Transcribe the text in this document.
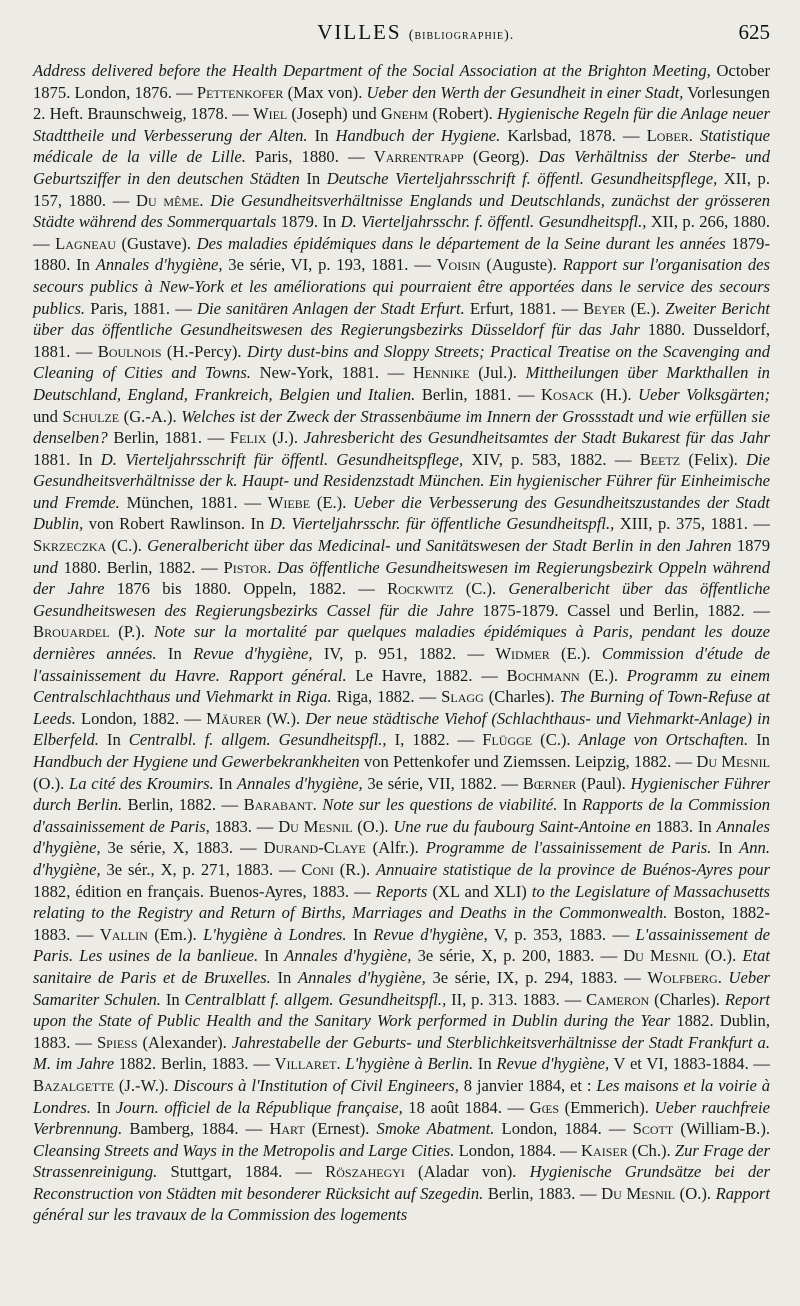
VILLES (bibliographie).	625

Address delivered before the Health Department of the Social Association at the Brighton Meeting, October 1875. London, 1876. — Pettenkofer (Max von). Ueber den Werth der Gesundheit in einer Stadt, Vorlesungen 2. Heft. Braunschweig, 1878. — Wiel (Joseph) und Gnehm (Robert). Hygienische Regeln für die Anlage neuer Stadttheile und Verbesserung der Alten. In Handbuch der Hygiene. Karlsbad, 1878. — Lober. Statistique médicale de la ville de Lille. Paris, 1880. — Varrentrapp (Georg). Das Verhältniss der Sterbe- und Geburtsziffer in den deutschen Städten In Deutsche Vierteljahrsschrift f. öffentl. Gesundheitspflege, XII, p. 157, 1880. — Du même. Die Gesundheitsverhältnisse Englands und Deutschlands, zunächst der grösseren Städte während des Sommerquartals 1879. In D. Vierteljahrsschr. f. öffentl. Gesundheitspfl., XII, p. 266, 1880. — Lagneau (Gustave). Des maladies épidémiques dans le département de la Seine durant les années 1879-1880. In Annales d'hygiène, 3e série, VI, p. 193, 1881. — Voisin (Auguste). Rapport sur l'organisation des secours publics à New-York et les améliorations qui pourraient être apportées dans le service des secours publics. Paris, 1881. — Die sanitären Anlagen der Stadt Erfurt. Erfurt, 1881. — Beyer (E.). Zweiter Bericht über das öffentliche Gesundheitswesen des Regierungsbezirks Düsseldorf für das Jahr 1880. Dusseldorf, 1881. — Boulnois (H.-Percy). Dirty dust-bins and Sloppy Streets; Practical Treatise on the Scavenging and Cleaning of Cities and Towns. New-York, 1881. — Hennike (Jul.). Mittheilungen über Markthallen in Deutschland, England, Frankreich, Belgien und Italien. Berlin, 1881. — Kosack (H.). Ueber Volksgärten; und Schulze (G.-A.). Welches ist der Zweck der Strassenbäume im Innern der Grossstadt und wie erfüllen sie denselben? Berlin, 1881. — Felix (J.). Jahresbericht des Gesundheitsamtes der Stadt Bukarest für das Jahr 1881. In D. Vierteljahrsschrift für öffentl. Gesundheitspflege, XIV, p. 583, 1882. — Beetz (Felix). Die Gesundheitsverhältnisse der k. Haupt- und Residenzstadt München. Ein hygienischer Führer für Einheimische und Fremde. München, 1881. — Wiebe (E.). Ueber die Verbesserung des Gesundheitszustandes der Stadt Dublin, von Robert Rawlinson. In D. Vierteljahrsschr. für öffentliche Gesundheitspfl., XIII, p. 375, 1881. — Skrzeczka (C.). Generalbericht über das Medicinal- und Sanitätswesen der Stadt Berlin in den Jahren 1879 und 1880. Berlin, 1882. — Pistor. Das öffentliche Gesundheitswesen im Regierungsbezirk Oppeln während der Jahre 1876 bis 1880. Oppeln, 1882. — Rockwitz (C.). Generalbericht über das öffentliche Gesundheitswesen des Regierungsbezirks Cassel für die Jahre 1875-1879. Cassel und Berlin, 1882. — Brouardel (P.). Note sur la mortalité par quelques maladies épidémiques à Paris, pendant les douze dernières années. In Revue d'hygiène, IV, p. 951, 1882. — Widmer (E.). Commission d'étude de l'assainissement du Havre. Rapport général. Le Havre, 1882. — Bochmann (E.). Programm zu einem Centralschlachthaus und Viehmarkt in Riga. Riga, 1882. — Slagg (Charles). The Burning of Town-Refuse at Leeds. London, 1882. — Mäurer (W.). Der neue städtische Viehof (Schlachthaus- und Viehmarkt-Anlage) in Elberfeld. In Centralbl. f. allgem. Gesundheitspfl., I, 1882. — Flügge (C.). Anlage von Ortschaften. In Handbuch der Hygiene und Gewerbekrankheiten von Pettenkofer und Ziemssen. Leipzig, 1882. — Du Mesnil (O.). La cité des Kroumirs. In Annales d'hygiène, 3e série, VII, 1882. — Bœrner (Paul). Hygienischer Führer durch Berlin. Berlin, 1882. — Barabant. Note sur les questions de viabilité. In Rapports de la Commission d'assainissement de Paris, 1883. — Du Mesnil (O.). Une rue du faubourg Saint-Antoine en 1883. In Annales d'hygiène, 3e série, X, 1883. — Durand-Claye (Alfr.). Programme de l'assainissement de Paris. In Ann. d'hygiène, 3e sér., X, p. 271, 1883. — Coni (R.). Annuaire statistique de la province de Buénos-Ayres pour 1882, édition en français. Buenos-Ayres, 1883. — Reports (XL and XLI) to the Legislature of Massachusetts relating to the Registry and Return of Births, Marriages and Deaths in the Commonwealth. Boston, 1882-1883. — Vallin (Em.). L'hygiène à Londres. In Revue d'hygiène, V, p. 353, 1883. — L'assainissement de Paris. Les usines de la banlieue. In Annales d'hygiène, 3e série, X, p. 200, 1883. — Du Mesnil (O.). Etat sanitaire de Paris et de Bruxelles. In Annales d'hygiène, 3e série, IX, p. 294, 1883. — Wolfberg. Ueber Samariter Schulen. In Centralblatt f. allgem. Gesundheitspfl., II, p. 313. 1883. — Cameron (Charles). Report upon the State of Public Health and the Sanitary Work performed in Dublin during the Year 1882. Dublin, 1883. — Spiess (Alexander). Jahrestabelle der Geburts- und Sterblichkeitsverhältnisse der Stadt Frankfurt a. M. im Jahre 1882. Berlin, 1883. — Villaret. L'hygiène à Berlin. In Revue d'hygiène, V et VI, 1883-1884. — Bazalgette (J.-W.). Discours à l'Institution of Civil Engineers, 8 janvier 1884, et : Les maisons et la voirie à Londres. In Journ. officiel de la République française, 18 août 1884. — Gœs (Emmerich). Ueber rauchfreie Verbrennung. Bamberg, 1884. — Hart (Ernest). Smoke Abatment. London, 1884. — Scott (William-B.). Cleansing Streets and Ways in the Metropolis and Large Cities. London, 1884. — Kaiser (Ch.). Zur Frage der Strassenreinigung. Stuttgart, 1884. — Röszahegyi (Aladar von). Hygienische Grundsätze bei der Reconstruction von Städten mit besonderer Rücksicht auf Szegedin. Berlin, 1883. — Du Mesnil (O.). Rapport général sur les travaux de la Commission des logements
